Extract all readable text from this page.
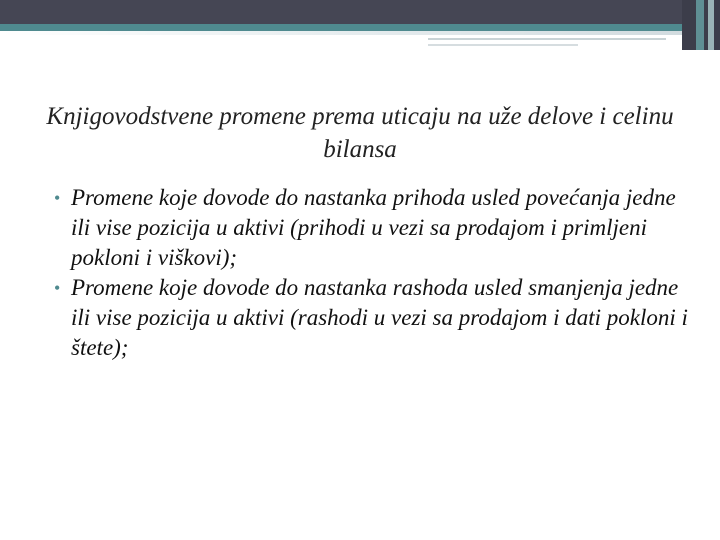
Knjigovodstvene promene prema uticaju na uže delove i celinu bilansa
• Promene koje dovode do nastanka prihoda usled povećanja jedne ili vise pozicija u aktivi (prihodi u vezi sa prodajom i primljeni pokloni i viškovi);
• Promene koje dovode do nastanka rashoda usled smanjenja jedne ili vise pozicija u aktivi (rashodi u vezi sa prodajom i dati pokloni i štete);
